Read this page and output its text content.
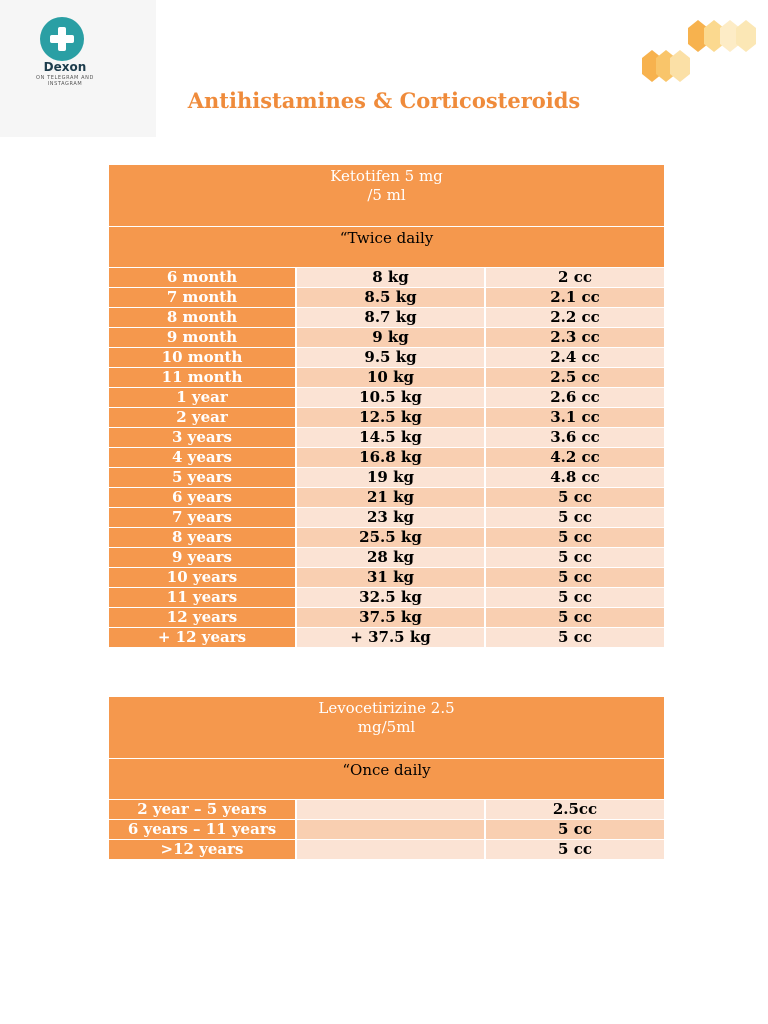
Dexon
ON TELEGRAM AND
INSTAGRAM
Antihistamines & Corticosteroids
Ketotifen 5 mg
/5 ml		

“Twice daily		
6 month	8 kg	2 cc
7 month	8.5 kg	2.1 cc
8 month	8.7 kg	2.2 cc
9 month	9 kg	2.3 cc
10 month	9.5 kg	2.4 cc
11 month	10 kg	2.5 cc
1 year	10.5 kg	2.6 cc
2 year	12.5 kg	3.1 cc
3 years	14.5 kg	3.6 cc
4 years	16.8 kg	4.2 cc
5 years	19 kg	4.8 cc
6 years	21 kg	5 cc
7 years	23 kg	5 cc
8 years	25.5 kg	5 cc
9 years	28 kg	5 cc
10 years	31 kg	5 cc
11 years	32.5 kg	5 cc
12 years	37.5 kg	5 cc
+ 12 years	+ 37.5 kg	5 cc
Levocetirizine 2.5
mg/5ml		

“Once daily		
2 year – 5 years		2.5cc
6 years – 11 years		5 cc
>12 years		5 cc
